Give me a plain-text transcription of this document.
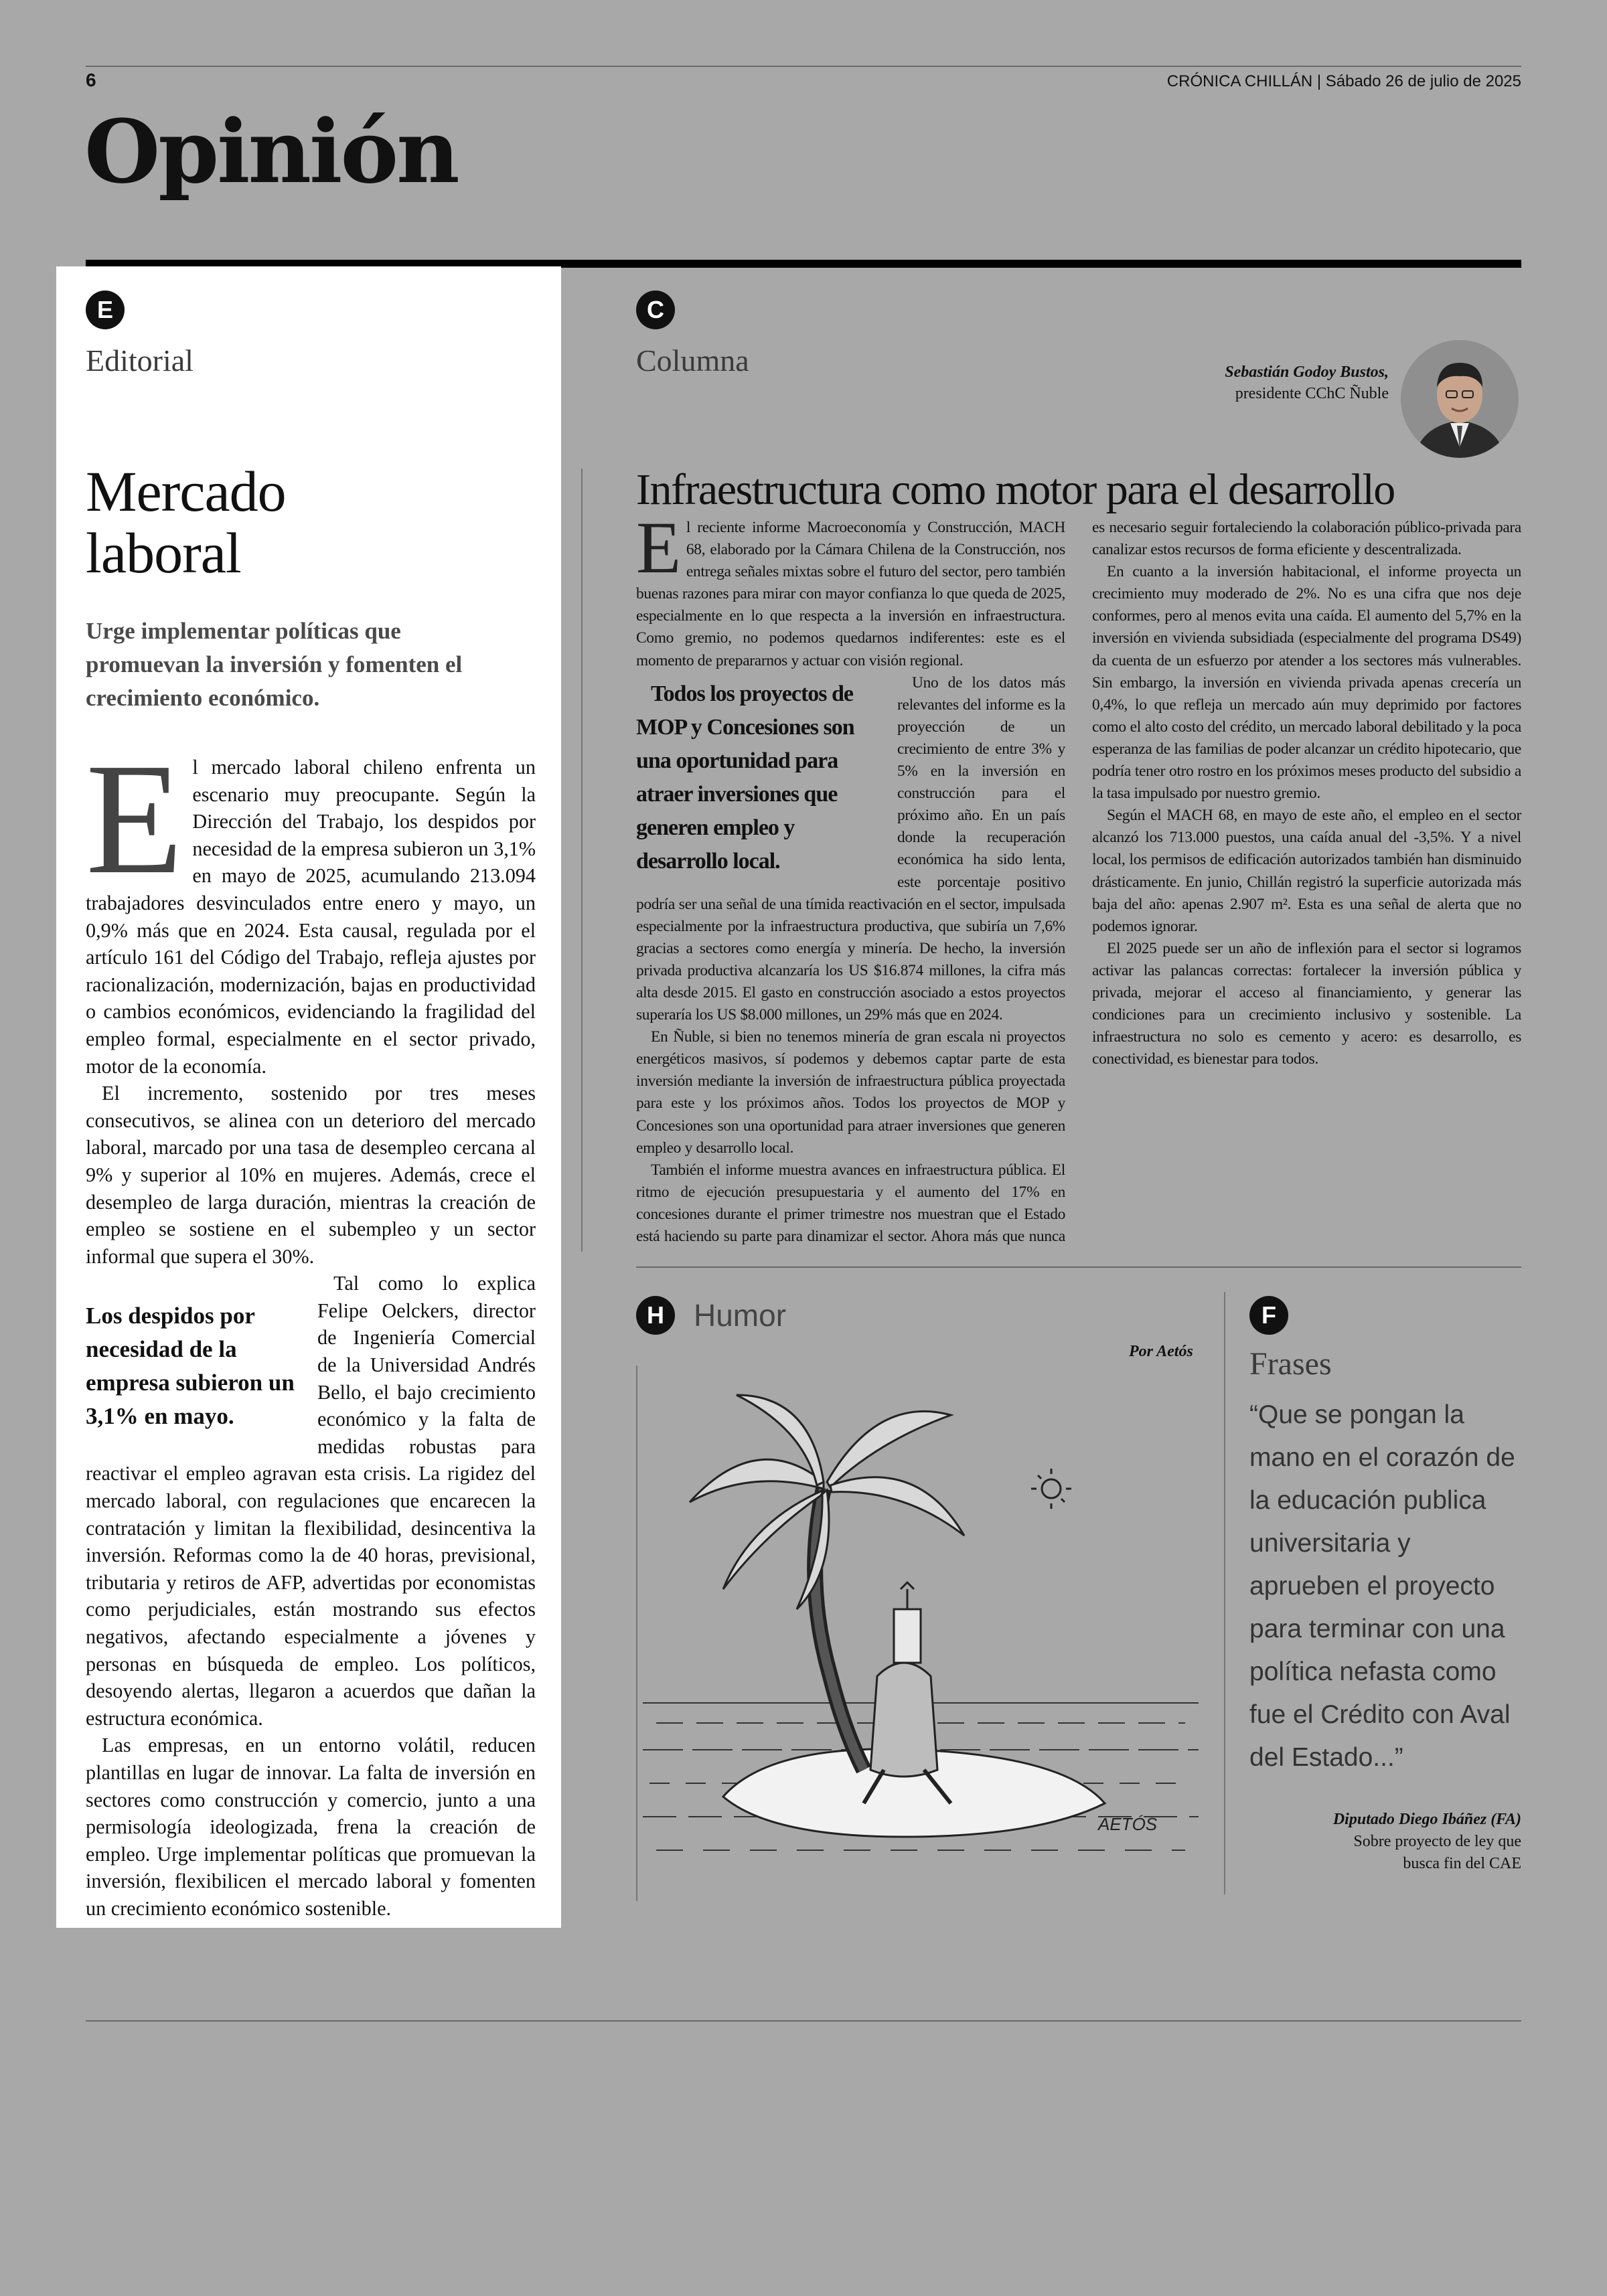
6	CRÓNICA CHILLÁN | Sábado 26 de julio de 2025
Opinión
E
Editorial
Mercado
laboral
Urge implementar políticas que promuevan la inversión y fomenten el crecimiento económico.

El mercado laboral chileno enfrenta un escenario muy preocupante. Según la Dirección del Trabajo, los despidos por necesidad de la empresa subieron un 3,1% en mayo de 2025, acumulando 213.094 trabajadores desvinculados entre enero y mayo, un 0,9% más que en 2024. Esta causal, regulada por el artículo 161 del Código del Trabajo, refleja ajustes por racionalización, modernización, bajas en productividad o cambios económicos, evidenciando la fragilidad del empleo formal, especialmente en el sector privado, motor de la economía.

El incremento, sostenido por tres meses consecutivos, se alinea con un deterioro del mercado laboral, marcado por una tasa de desempleo cercana al 9% y superior al 10% en mujeres. Además, crece el desempleo de larga duración, mientras la creación de empleo se sostiene en el subempleo y un sector informal que supera el 30%.

Los despidos por necesidad de la empresa subieron un 3,1% en mayo.

Tal como lo explica Felipe Oelckers, director de Ingeniería Comercial de la Universidad Andrés Bello, el bajo crecimiento económico y la falta de medidas robustas para reactivar el empleo agravan esta crisis. La rigidez del mercado laboral, con regulaciones que encarecen la contratación y limitan la flexibilidad, desincentiva la inversión. Reformas como la de 40 horas, previsional, tributaria y retiros de AFP, advertidas por economistas como perjudiciales, están mostrando sus efectos negativos, afectando especialmente a jóvenes y personas en búsqueda de empleo. Los políticos, desoyendo alertas, llegaron a acuerdos que dañan la estructura económica.

Las empresas, en un entorno volátil, reducen plantillas en lugar de innovar. La falta de inversión en sectores como construcción y comercio, junto a una permisología ideologizada, frena la creación de empleo. Urge implementar políticas que promuevan la inversión, flexibilicen el mercado laboral y fomenten un crecimiento económico sostenible.

C
Columna	Sebastián Godoy Bustos,
presidente CChC Ñuble
Infraestructura como motor para el desarrollo

El reciente informe Macroeconomía y Construcción, MACH 68, elaborado por la Cámara Chilena de la Construcción, nos entrega señales mixtas sobre el futuro del sector, pero también buenas razones para mirar con mayor confianza lo que queda de 2025, especialmente en lo que respecta a la inversión en infraestructura. Como gremio, no podemos quedarnos indiferentes: este es el momento de prepararnos y actuar con visión regional.

Todos los proyectos de MOP y Concesiones son una oportunidad para atraer inversiones que generen empleo y desarrollo local.
Uno de los datos más relevantes del informe es la proyección de un crecimiento de entre 3% y 5% en la inversión en construcción para el próximo año. En un país donde la recuperación económica ha sido lenta, este porcentaje positivo podría ser una señal de una tímida reactivación en el sector, impulsada especialmente por la infraestructura productiva, que subiría un 7,6% gracias a sectores como energía y minería. De hecho, la inversión privada productiva alcanzaría los US $16.874 millones, la cifra más alta desde 2015. El gasto en construcción asociado a estos proyectos superaría los US $8.000 millones, un 29% más que en 2024.

En Ñuble, si bien no tenemos minería de gran escala ni proyectos energéticos masivos, sí podemos y debemos captar parte de esta inversión mediante la inversión de infraestructura pública proyectada para este y los próximos años. Todos los proyectos de MOP y Concesiones son una oportunidad para atraer inversiones que generen empleo y desarrollo local.

También el informe muestra avances en infraestructura pública. El ritmo de ejecución presupuestaria y el aumento del 17% en concesiones durante el primer trimestre nos muestran que el Estado está haciendo su parte para dinamizar el sector. Ahora más que nunca es necesario seguir fortaleciendo la colaboración público-privada para canalizar estos recursos de forma eficiente y descentralizada.

En cuanto a la inversión habitacional, el informe proyecta un crecimiento muy moderado de 2%. No es una cifra que nos deje conformes, pero al menos evita una caída. El aumento del 5,7% en la inversión en vivienda subsidiada (especialmente del programa DS49) da cuenta de un esfuerzo por atender a los sectores más vulnerables. Sin embargo, la inversión en vivienda privada apenas crecería un 0,4%, lo que refleja un mercado aún muy deprimido por factores como el alto costo del crédito, un mercado laboral debilitado y la poca esperanza de las familias de poder alcanzar un crédito hipotecario, que podría tener otro rostro en los próximos meses producto del subsidio a la tasa impulsado por nuestro gremio.

Según el MACH 68, en mayo de este año, el empleo en el sector alcanzó los 713.000 puestos, una caída anual del -3,5%. Y a nivel local, los permisos de edificación autorizados también han disminuido drásticamente. En junio, Chillán registró la superficie autorizada más baja del año: apenas 2.907 m². Esta es una señal de alerta que no podemos ignorar.

El 2025 puede ser un año de inflexión para el sector si logramos activar las palancas correctas: fortalecer la inversión pública y privada, mejorar el acceso al financiamiento, y generar las condiciones para un crecimiento inclusivo y sostenible. La infraestructura no solo es cemento y acero: es desarrollo, es conectividad, es bienestar para todos.

H Humor
Por Aetós
AETÓS
F
Frases
“Que se pongan la mano en el corazón de la educación publica universitaria y aprueben el proyecto para terminar con una política nefasta como fue el Crédito con Aval del Estado...”
Diputado Diego Ibáñez (FA)
Sobre proyecto de ley que
busca fin del CAE
